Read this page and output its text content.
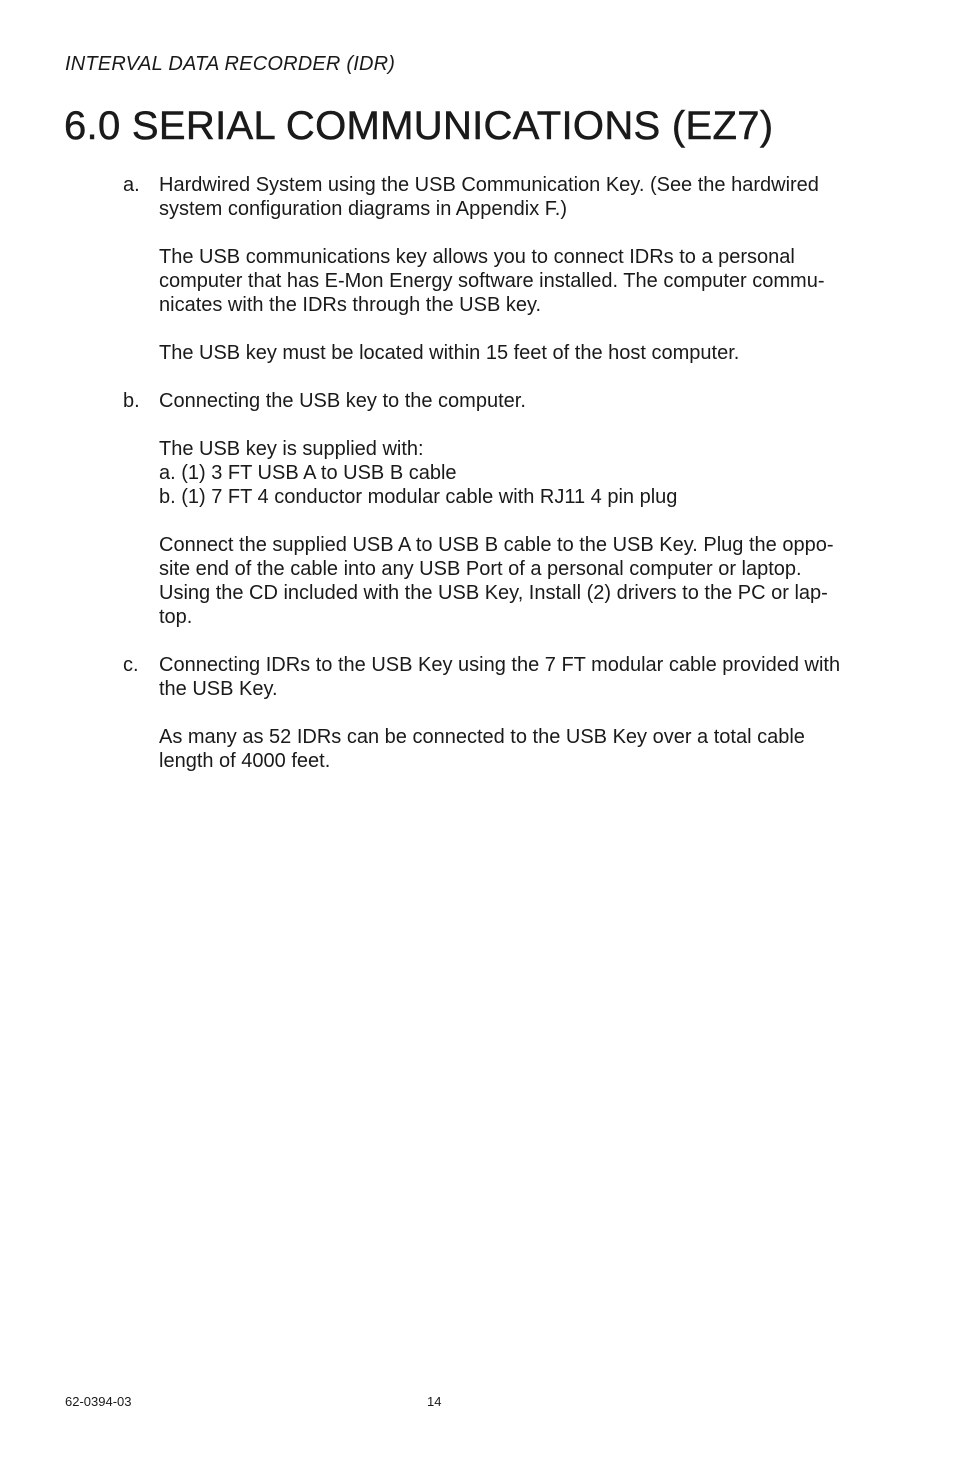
INTERVAL DATA RECORDER (IDR)
6.0 SERIAL COMMUNICATIONS (EZ7)
a. Hardwired System using the USB Communication Key. (See the hardwired
system configuration diagrams in Appendix F.)

The USB communications key allows you to connect IDRs to a personal
computer that has E-Mon Energy software installed. The computer commu-
nicates with the IDRs through the USB key.

The USB key must be located within 15 feet of the host computer.

b. Connecting the USB key to the computer.

The USB key is supplied with:
a. (1) 3 FT USB A to USB B cable
b. (1) 7 FT 4 conductor modular cable with RJ11 4 pin plug

Connect the supplied USB A to USB B cable to the USB Key. Plug the oppo-
site end of the cable into any USB Port of a personal computer or laptop.
Using the CD included with the USB Key, Install (2) drivers to the PC or lap-
top.

c. Connecting IDRs to the USB Key using the 7 FT modular cable provided with
the USB Key.

As many as 52 IDRs can be connected to the USB Key over a total cable
length of 4000 feet.

62-0394-03	14
